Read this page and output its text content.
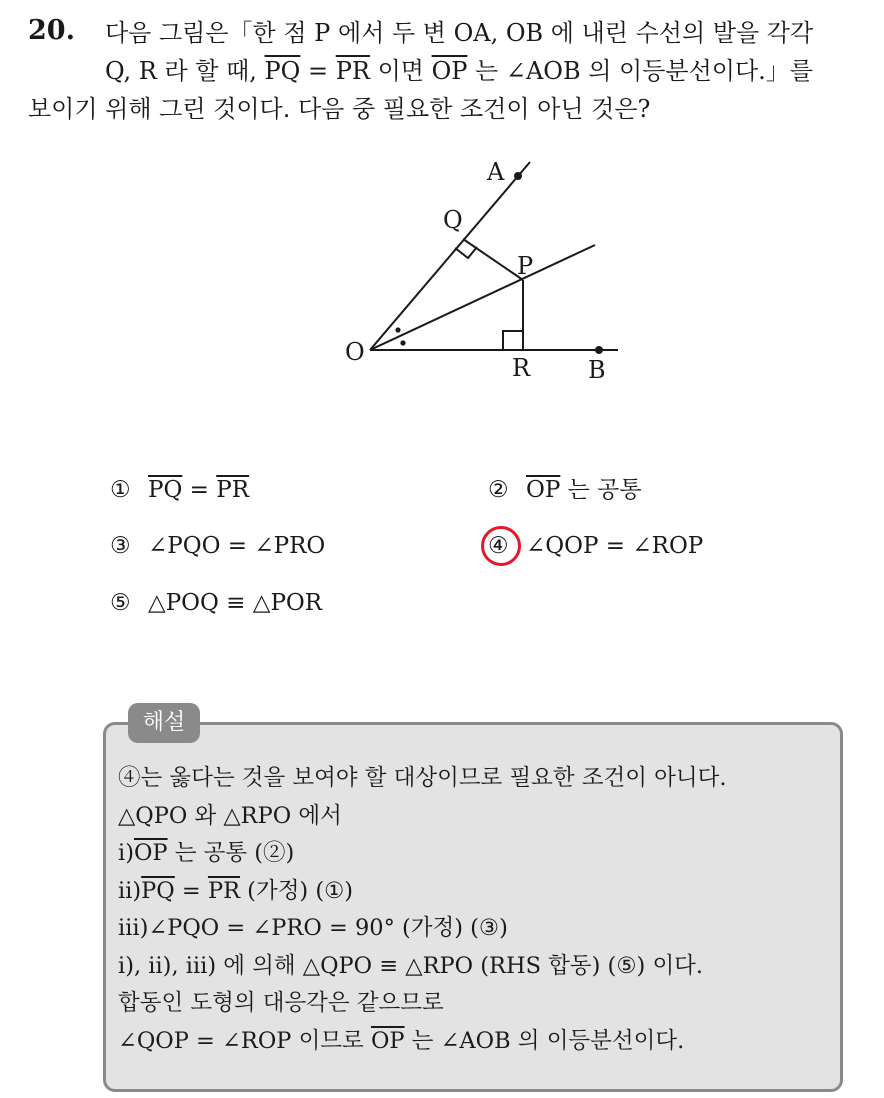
20. 다음 그림은「한 점 P 에서 두 변 OA, OB 에 내린 수선의 발을 각각
Q, R 라 할 때, $\overline{PQ} = \overline{PR}$ 이면 $\overline{OP}$ 는 ∠AOB 의 이등분선이다.」를
보이기 위해 그린 것이다. 다음 중 필요한 조건이 아닌 것은?
A
Q
P
O
R B
① $\overline{PQ} = \overline{PR}$	② $\overline{OP}$ 는 공통
③ ∠PQO = ∠PRO	④ ∠QOP = ∠ROP
⑤ △POQ ≡ △POR
해설
④는 옳다는 것을 보여야 할 대상이므로 필요한 조건이 아니다.
△QPO 와 △RPO 에서
$ⅰ)\overline{OP}$ 는 공통 (②)
$ⅱ)\overline{PQ} = \overline{PR}$ (가정) (①)
ⅲ)∠PQO = ∠PRO = 90° (가정) (③)
ⅰ), ⅱ), ⅲ) 에 의해 △QPO ≡ △RPO (RHS 합동) (⑤) 이다.
합동인 도형의 대응각은 같으므로
∠QOP = ∠ROP 이므로 $\overline{OP}$ 는 ∠AOB 의 이등분선이다.
